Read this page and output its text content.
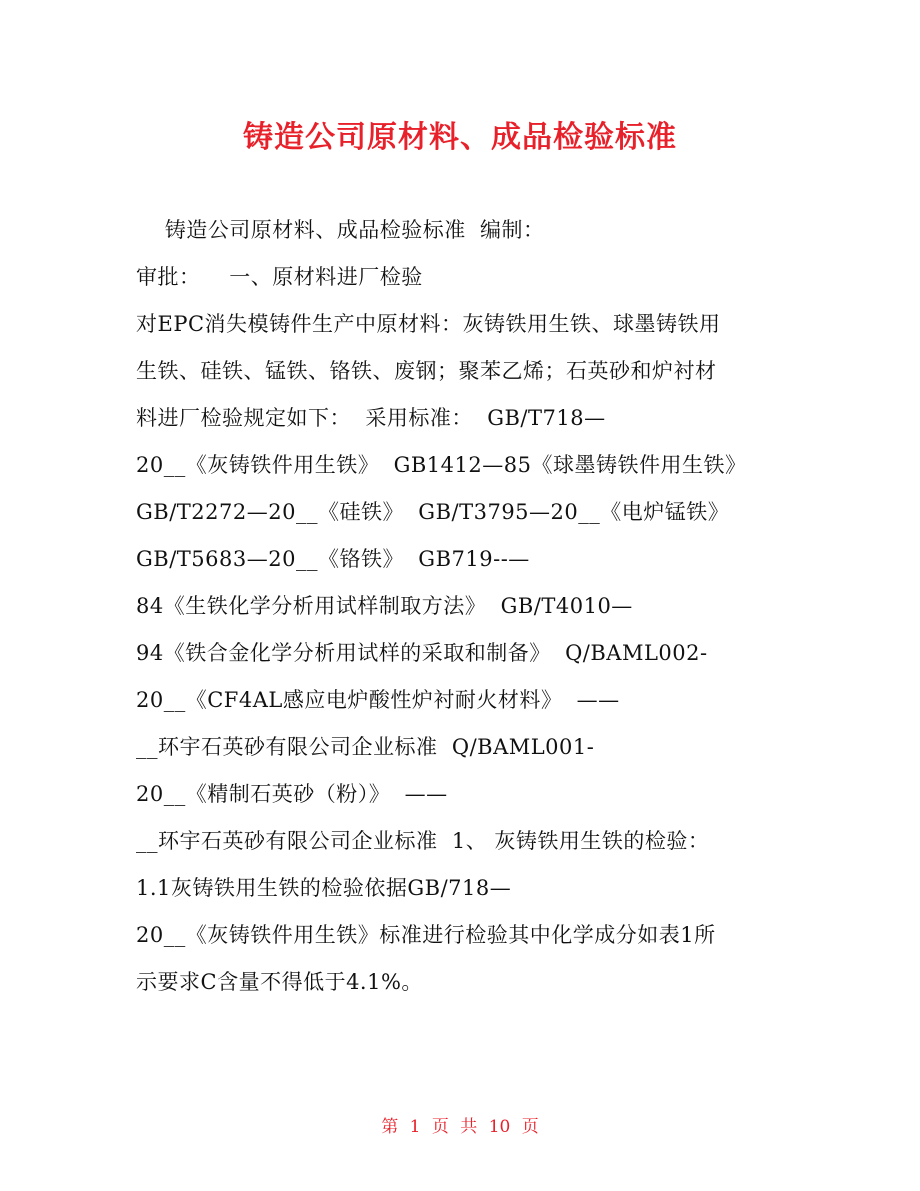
铸造公司原材料、成品检验标准
铸造公司原材料、成品检验标准  编制：
审批：    一、原材料进厂检验
对EPC消失模铸件生产中原材料：灰铸铁用生铁、球墨铸铁用
生铁、硅铁、锰铁、铬铁、废钢；聚苯乙烯；石英砂和炉衬材
料进厂检验规定如下：  采用标准：  GB/T718—
20__《灰铸铁件用生铁》  GB1412—85《球墨铸铁件用生铁》
GB/T2272—20__《硅铁》  GB/T3795—20__《电炉锰铁》
GB/T5683—20__《铬铁》  GB719--—
84《生铁化学分析用试样制取方法》  GB/T4010—
94《铁合金化学分析用试样的采取和制备》  Q/BAML002-
20__《CF4AL感应电炉酸性炉衬耐火材料》  ——
__环宇石英砂有限公司企业标准  Q/BAML001-
20__《精制石英砂（粉）》  ——
__环宇石英砂有限公司企业标准  1、 灰铸铁用生铁的检验：
1.1灰铸铁用生铁的检验依据GB/718—
20__《灰铸铁件用生铁》标准进行检验其中化学成分如表1所
示要求C含量不得低于4.1%。
第 1 页 共 10 页
